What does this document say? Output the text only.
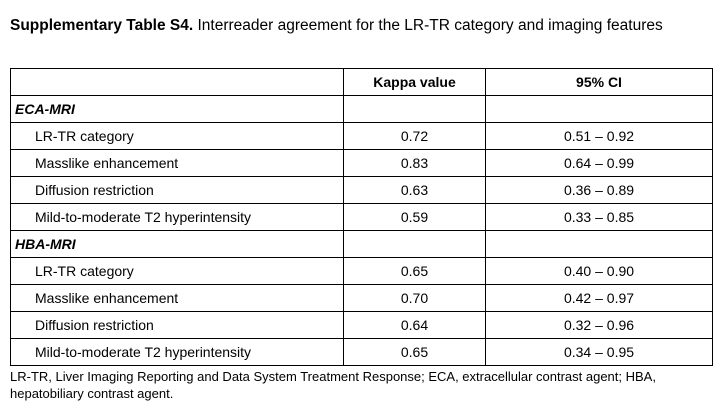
Supplementary Table S4. Interreader agreement for the LR-TR category and imaging features
	Kappa value	95% CI
ECA-MRI		
LR-TR category	0.72	0.51 – 0.92
Masslike enhancement	0.83	0.64 – 0.99
Diffusion restriction	0.63	0.36 – 0.89
Mild-to-moderate T2 hyperintensity	0.59	0.33 – 0.85
HBA-MRI		
LR-TR category	0.65	0.40 – 0.90
Masslike enhancement	0.70	0.42 – 0.97
Diffusion restriction	0.64	0.32 – 0.96
Mild-to-moderate T2 hyperintensity	0.65	0.34 – 0.95
LR-TR, Liver Imaging Reporting and Data System Treatment Response; ECA, extracellular contrast agent; HBA, hepatobiliary contrast agent.
